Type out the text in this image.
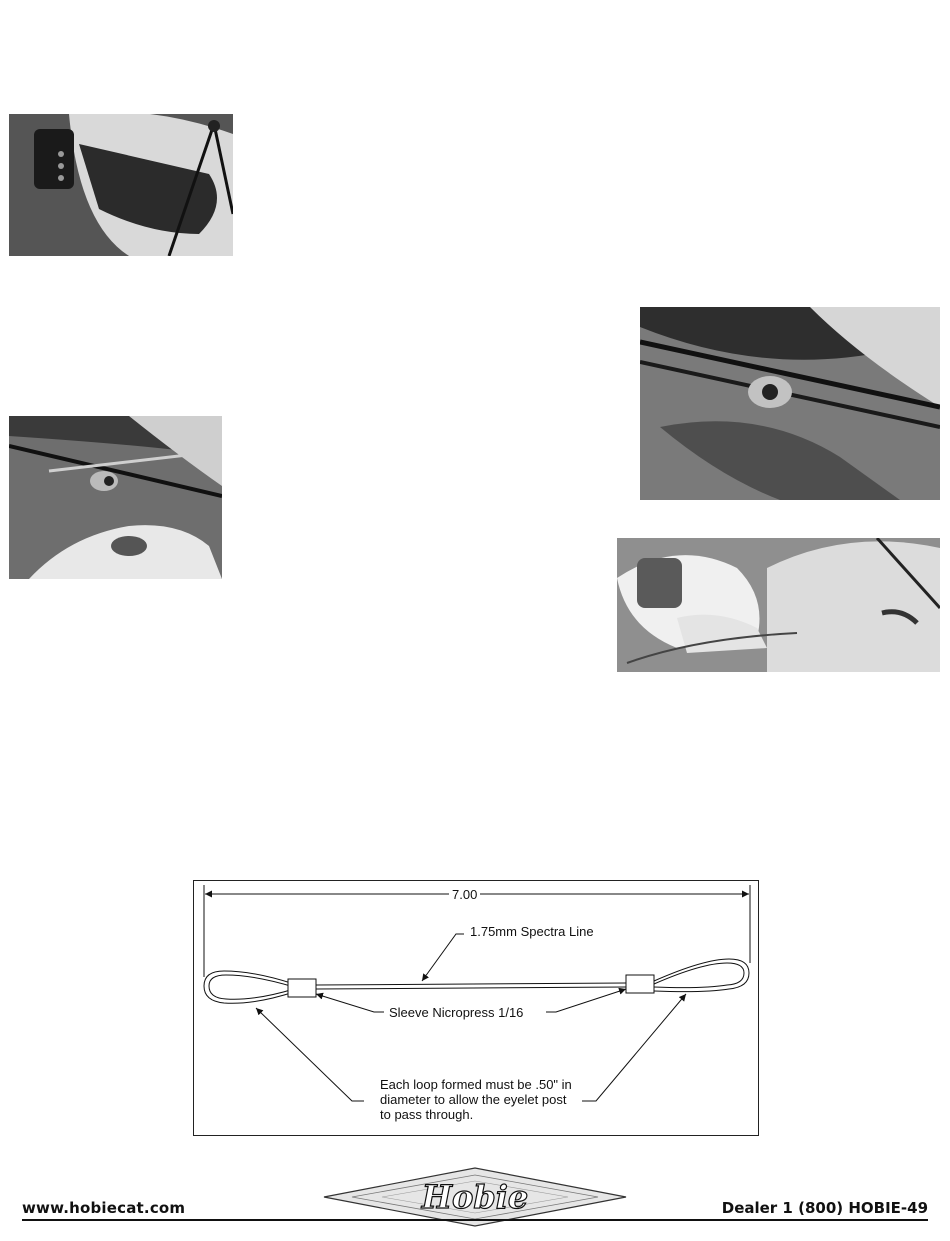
7.00
1.75mm Spectra Line
Sleeve Nicropress 1/16
Each loop formed must be .50" in diameter to allow the eyelet post to pass through.
www.hobiecat.com	Hobie	Dealer 1 (800) HOBIE-49
